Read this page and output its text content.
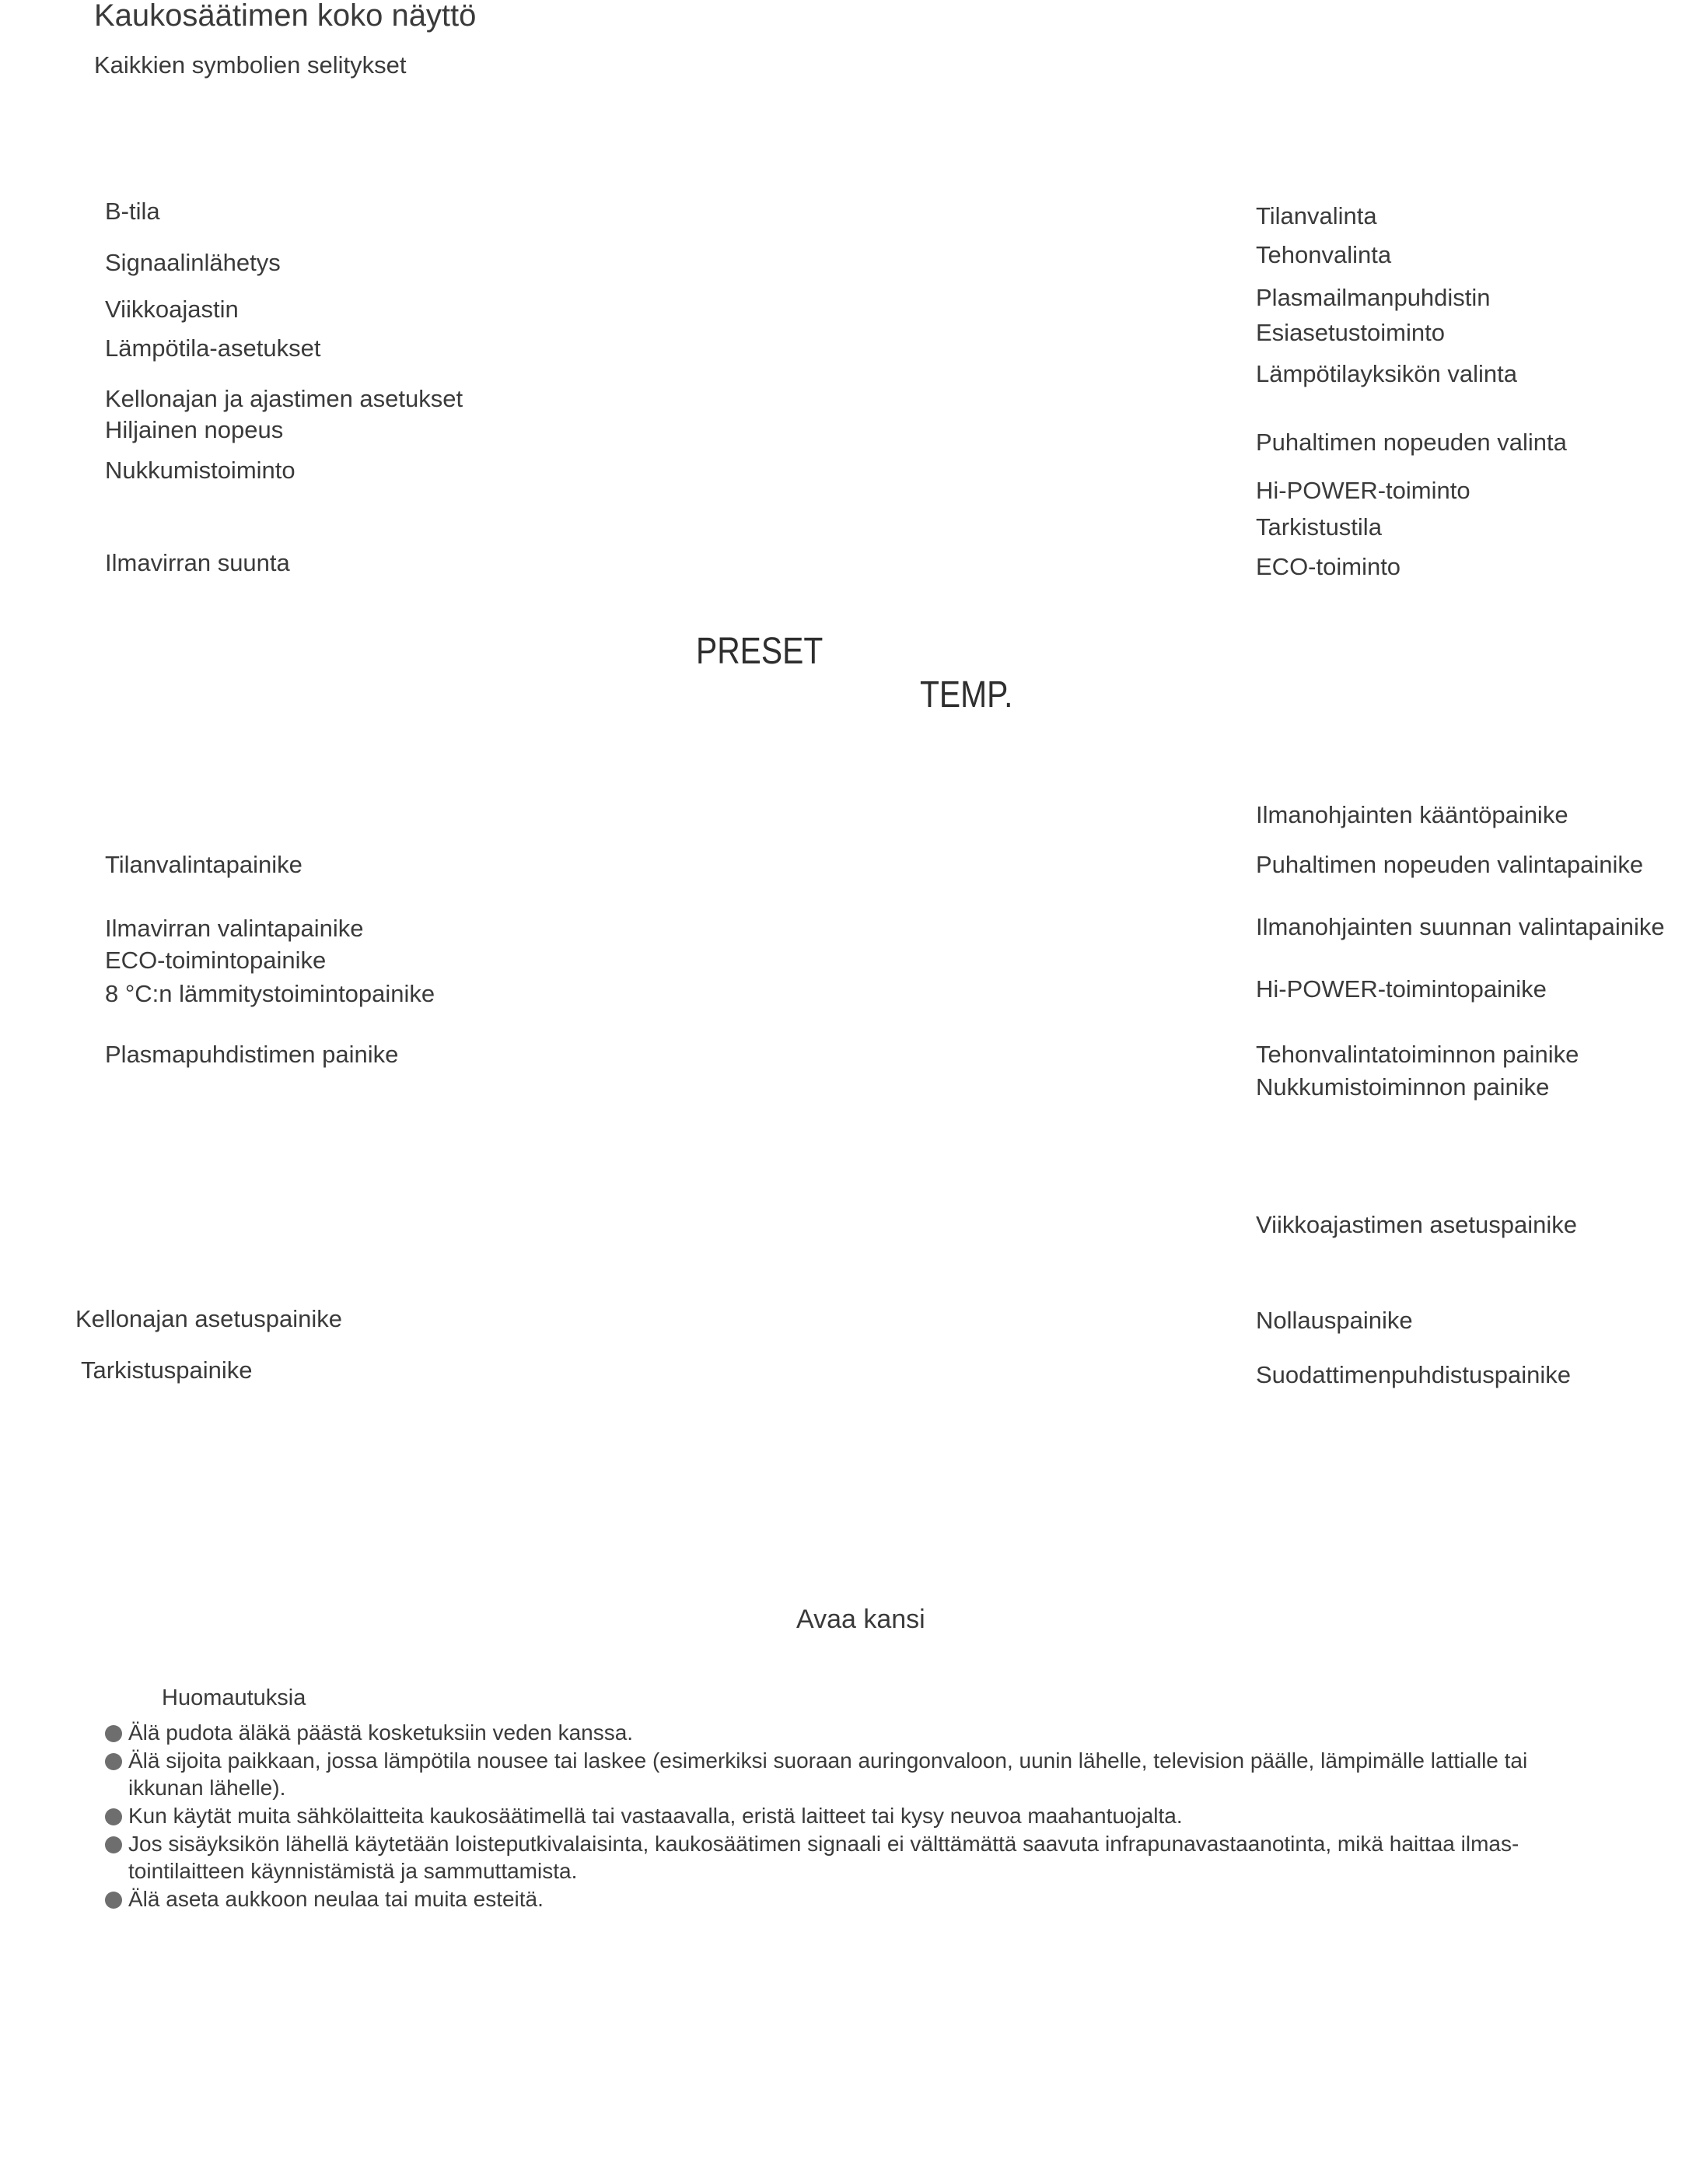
Kaukosäätimen koko näyttö
Kaikkien symbolien selitykset
B-tila
Signaalinlähetys
Viikkoajastin
Lämpötila-asetukset
Kellonajan ja ajastimen asetukset
Hiljainen nopeus
Nukkumistoiminto
Ilmavirran suunta
Tilanvalinta
Tehonvalinta
Plasmailmanpuhdistin
Esiasetustoiminto
Lämpötilayksikön valinta
Puhaltimen nopeuden valinta
Hi-POWER-toiminto
Tarkistustila
ECO-toiminto
PRESET
TEMP.
Tilanvalintapainike
Ilmavirran valintapainike
ECO-toimintopainike
8 °C:n lämmitystoimintopainike
Plasmapuhdistimen painike
Ilmanohjainten kääntöpainike
Puhaltimen nopeuden valintapainike
Ilmanohjainten suunnan valintapainike
Hi-POWER-toimintopainike
Tehonvalintatoiminnon painike
Nukkumistoiminnon painike
Viikkoajastimen asetuspainike
Kellonajan asetuspainike
Tarkistuspainike
Nollauspainike
Suodattimenpuhdistuspainike
Avaa kansi
Huomautuksia
Älä pudota äläkä päästä kosketuksiin veden kanssa.
Älä sijoita paikkaan, jossa lämpötila nousee tai laskee (esimerkiksi suoraan auringonvaloon, uunin lähelle, television päälle, lämpimälle lattialle tai ikkunan lähelle).
Kun käytät muita sähkölaitteita kaukosäätimellä tai vastaavalla, eristä laitteet tai kysy neuvoa maahantuojalta.
Jos sisäyksikön lähellä käytetään loisteputkivalaisinta, kaukosäätimen signaali ei välttämättä saavuta infrapunavastaanotinta, mikä haittaa ilmastointilaitteen käynnistämistä ja sammuttamista.
Älä aseta aukkoon neulaa tai muita esteitä.
